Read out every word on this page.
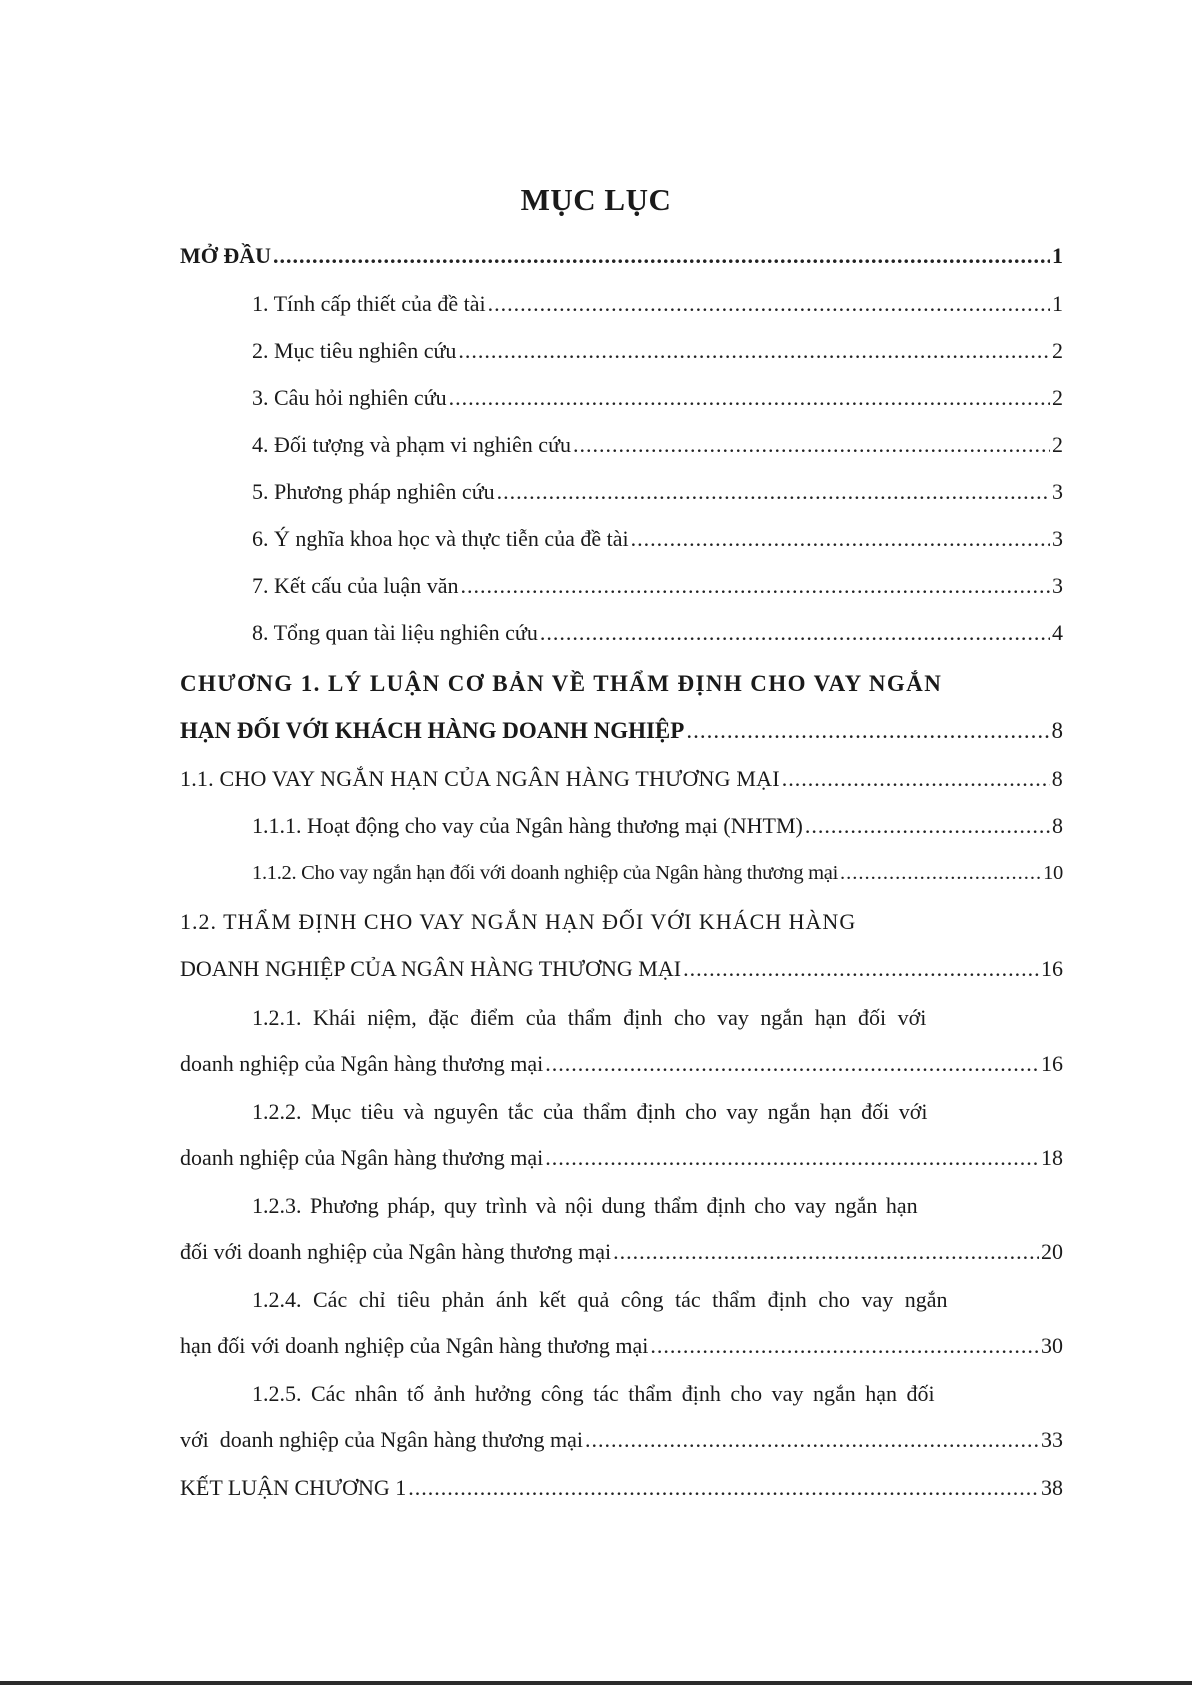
MỤC LỤC
MỞ ĐẦU .....	1
1. Tính cấp thiết của đề tài .....	1
2. Mục tiêu nghiên cứu .....	2
3. Câu hỏi nghiên cứu .....	2
4. Đối tượng và phạm vi nghiên cứu .....	2
5. Phương pháp nghiên cứu .....	3
6. Ý nghĩa khoa học và thực tiễn của đề tài .....	3
7. Kết cấu của luận văn .....	3
8. Tổng quan tài liệu nghiên cứu .....	4
CHƯƠNG 1. LÝ LUẬN CƠ BẢN VỀ THẨM ĐỊNH CHO VAY NGẮN
HẠN ĐỐI VỚI KHÁCH HÀNG DOANH NGHIỆP .....	8
1.1. CHO VAY NGẮN HẠN CỦA NGÂN HÀNG THƯƠNG MẠI .....	8
1.1.1. Hoạt động cho vay của Ngân hàng thương mại (NHTM) .....	8
1.1.2. Cho vay ngắn hạn đối với doanh nghiệp của Ngân hàng thương mại .....	10
1.2. THẨM ĐỊNH CHO VAY NGẮN HẠN ĐỐI VỚI KHÁCH HÀNG
DOANH NGHIỆP CỦA NGÂN HÀNG THƯƠNG MẠI .....	16
1.2.1. Khái niệm, đặc điểm của thẩm định cho vay ngắn hạn đối với
doanh nghiệp của Ngân hàng thương mại .....	16
1.2.2. Mục tiêu và nguyên tắc của thẩm định cho vay ngắn hạn đối với
doanh nghiệp của Ngân hàng thương mại .....	18
1.2.3. Phương pháp, quy trình và nội dung thẩm định cho vay ngắn hạn
đối với doanh nghiệp của Ngân hàng thương mại .....	20
1.2.4. Các chỉ tiêu phản ánh kết quả công tác thẩm định cho vay ngắn
hạn đối với doanh nghiệp của Ngân hàng thương mại .....	30
1.2.5. Các nhân tố ảnh hưởng công tác thẩm định cho vay ngắn hạn đối
với  doanh nghiệp của Ngân hàng thương mại .....	33
KẾT LUẬN CHƯƠNG 1 .....	38
